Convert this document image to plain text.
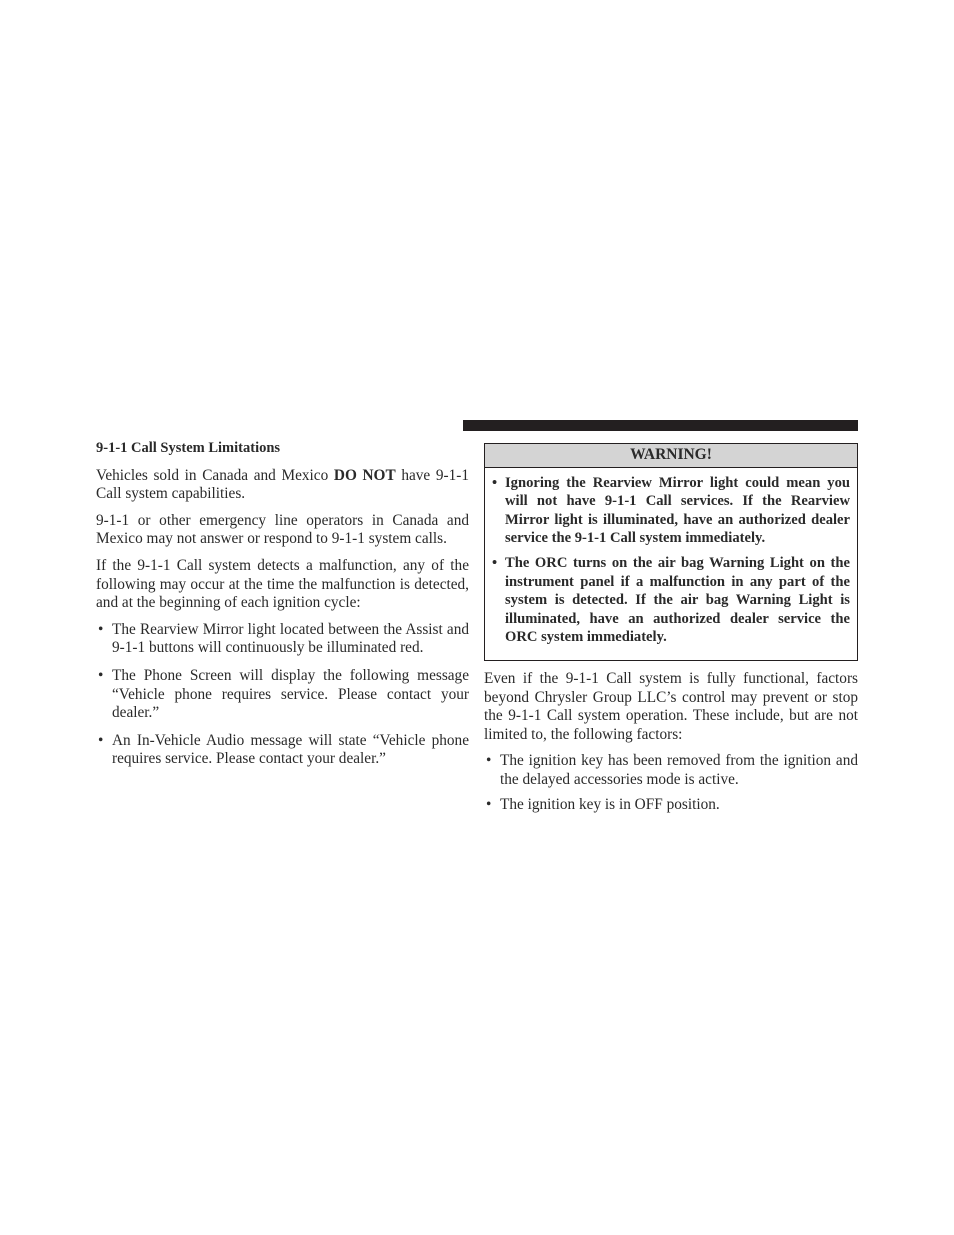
9-1-1 Call System Limitations

Vehicles sold in Canada and Mexico DO NOT have 9-1-1 Call system capabilities.

9-1-1 or other emergency line operators in Canada and Mexico may not answer or respond to 9-1-1 system calls.

If the 9-1-1 Call system detects a malfunction, any of the following may occur at the time the malfunction is detected, and at the beginning of each ignition cycle:

• The Rearview Mirror light located between the Assist and 9-1-1 buttons will continuously be illuminated red.
• The Phone Screen will display the following message “Vehicle phone requires service. Please contact your dealer.”
• An In-Vehicle Audio message will state “Vehicle phone requires service. Please contact your dealer.”
WARNING!
• Ignoring the Rearview Mirror light could mean you will not have 9-1-1 Call services. If the Rearview Mirror light is illuminated, have an authorized dealer service the 9-1-1 Call system immediately.
• The ORC turns on the air bag Warning Light on the instrument panel if a malfunction in any part of the system is detected. If the air bag Warning Light is illuminated, have an authorized dealer service the ORC system immediately.

Even if the 9-1-1 Call system is fully functional, factors beyond Chrysler Group LLC’s control may prevent or stop the 9-1-1 Call system operation. These include, but are not limited to, the following factors:

• The ignition key has been removed from the ignition and the delayed accessories mode is active.
• The ignition key is in OFF position.
